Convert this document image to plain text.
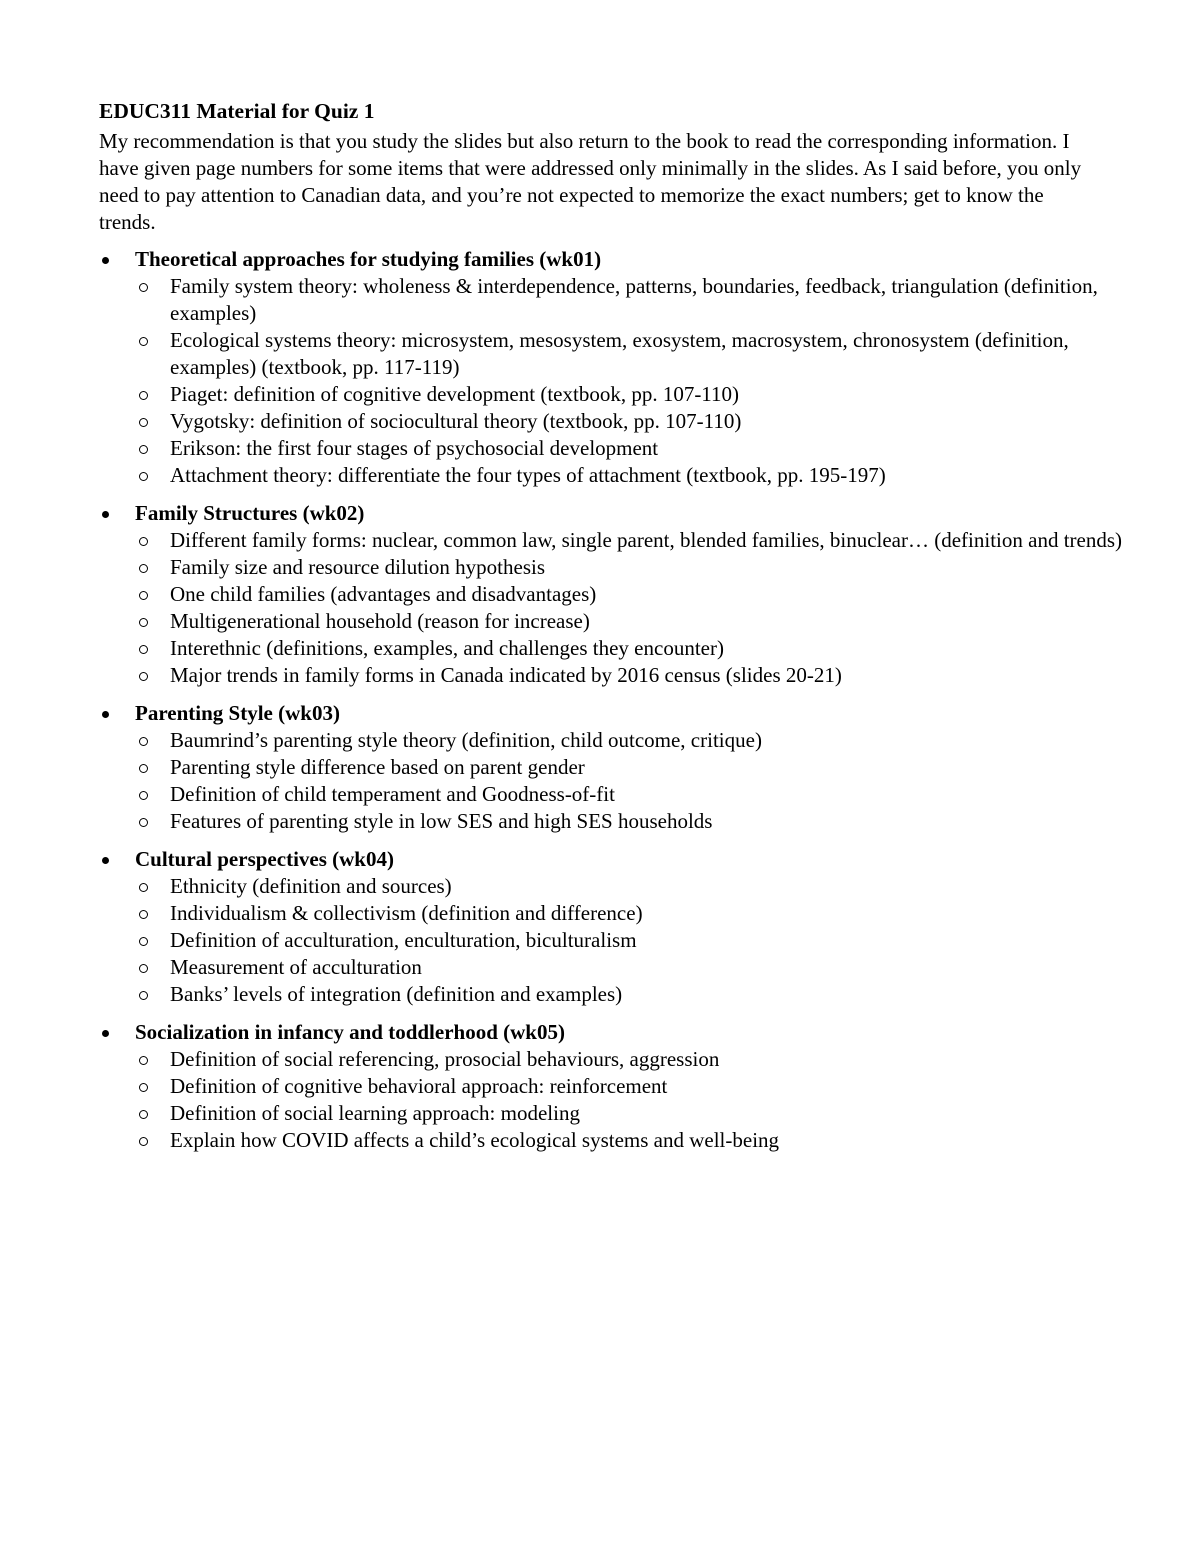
EDUC311 Material for Quiz 1

My recommendation is that you study the slides but also return to the book to read the corresponding information. I have given page numbers for some items that were addressed only minimally in the slides. As I said before, you only need to pay attention to Canadian data, and you’re not expected to memorize the exact numbers; get to know the trends.

Theoretical approaches for studying families (wk01)
Family system theory: wholeness & interdependence, patterns, boundaries, feedback, triangulation (definition, examples)
Ecological systems theory: microsystem, mesosystem, exosystem, macrosystem, chronosystem (definition, examples) (textbook, pp. 117-119)
Piaget: definition of cognitive development (textbook, pp. 107-110)
Vygotsky: definition of sociocultural theory (textbook, pp. 107-110)
Erikson: the first four stages of psychosocial development
Attachment theory: differentiate the four types of attachment (textbook, pp. 195-197)
Family Structures (wk02)
Different family forms: nuclear, common law, single parent, blended families, binuclear… (definition and trends)
Family size and resource dilution hypothesis
One child families (advantages and disadvantages)
Multigenerational household (reason for increase)
Interethnic (definitions, examples, and challenges they encounter)
Major trends in family forms in Canada indicated by 2016 census (slides 20-21)
Parenting Style (wk03)
Baumrind’s parenting style theory (definition, child outcome, critique)
Parenting style difference based on parent gender
Definition of child temperament and Goodness-of-fit
Features of parenting style in low SES and high SES households
Cultural perspectives (wk04)
Ethnicity (definition and sources)
Individualism & collectivism (definition and difference)
Definition of acculturation, enculturation, biculturalism
Measurement of acculturation
Banks’ levels of integration (definition and examples)
Socialization in infancy and toddlerhood (wk05)
Definition of social referencing, prosocial behaviours, aggression
Definition of cognitive behavioral approach: reinforcement
Definition of social learning approach: modeling
Explain how COVID affects a child’s ecological systems and well-being
